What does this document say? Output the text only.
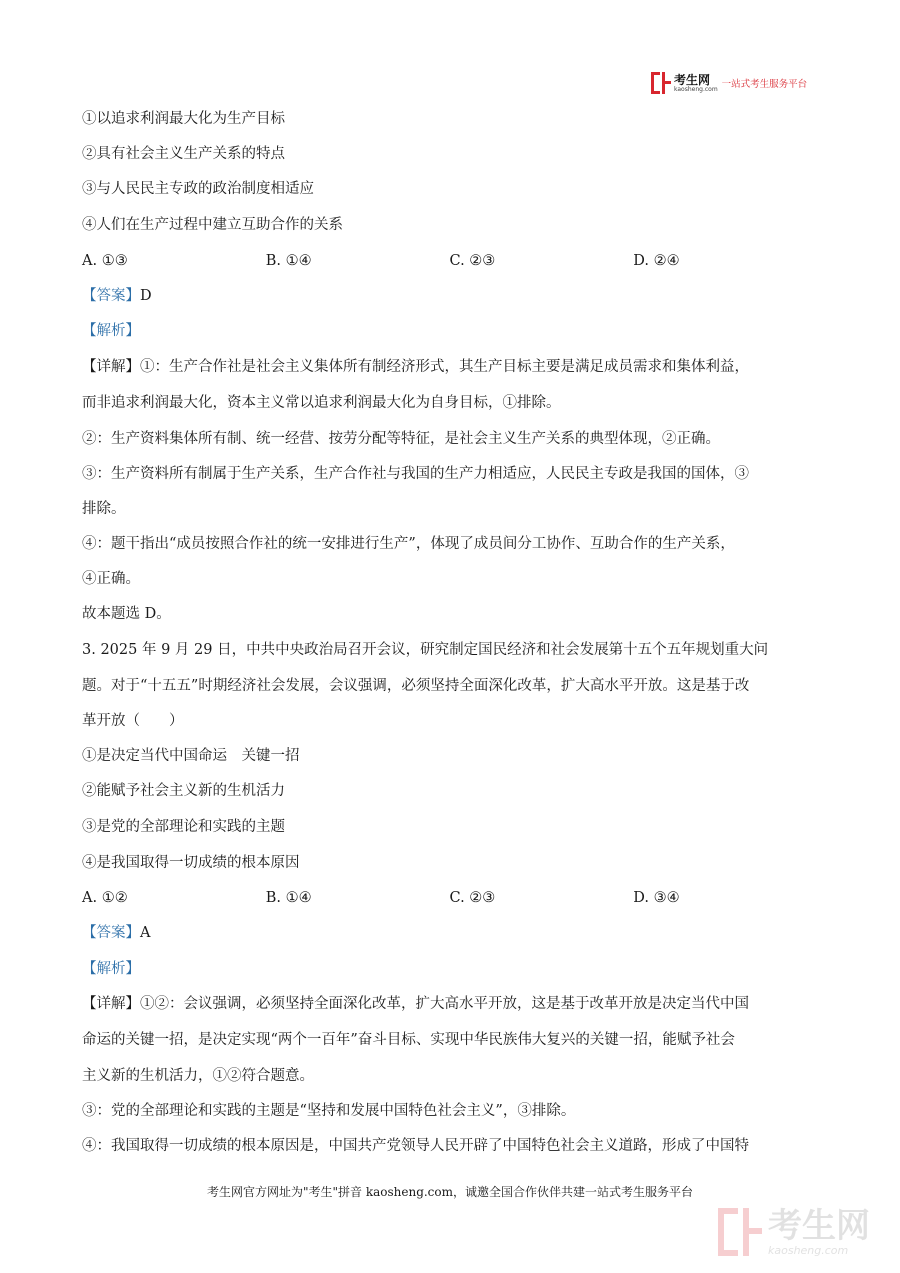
考生网
kaosheng.com 一站式考生服务平台
①以追求利润最大化为生产目标
②具有社会主义生产关系的特点
③与人民民主专政的政治制度相适应
④人们在生产过程中建立互助合作的关系
A. ①③	B. ①④	C. ②③	D. ②④
【答案】D
【解析】
【详解】①：生产合作社是社会主义集体所有制经济形式，其生产目标主要是满足成员需求和集体利益，
而非追求利润最大化，资本主义常以追求利润最大化为自身目标，①排除。
②：生产资料集体所有制、统一经营、按劳分配等特征，是社会主义生产关系的典型体现，②正确。
③：生产资料所有制属于生产关系，生产合作社与我国的生产力相适应，人民民主专政是我国的国体，③
排除。
④：题干指出“成员按照合作社的统一安排进行生产”，体现了成员间分工协作、互助合作的生产关系，
④正确。
故本题选 D。
3. 2025 年 9 月 29 日，中共中央政治局召开会议，研究制定国民经济和社会发展第十五个五年规划重大问
题。对于“十五五”时期经济社会发展，会议强调，必须坚持全面深化改革，扩大高水平开放。这是基于改
革开放（　　）
①是决定当代中国命运　关键一招
②能赋予社会主义新的生机活力
③是党的全部理论和实践的主题
④是我国取得一切成绩的根本原因
A. ①②	B. ①④	C. ②③	D. ③④
【答案】A
【解析】
【详解】①②：会议强调，必须坚持全面深化改革，扩大高水平开放，这是基于改革开放是决定当代中国
命运的关键一招，是决定实现“两个一百年”奋斗目标、实现中华民族伟大复兴的关键一招，能赋予社会
主义新的生机活力，①②符合题意。
③：党的全部理论和实践的主题是“坚持和发展中国特色社会主义”，③排除。
④：我国取得一切成绩的根本原因是，中国共产党领导人民开辟了中国特色社会主义道路，形成了中国特
考生网官方网址为"考生"拼音 kaosheng.com，诚邀全国合作伙伴共建一站式考生服务平台
考生网
kaosheng.com
